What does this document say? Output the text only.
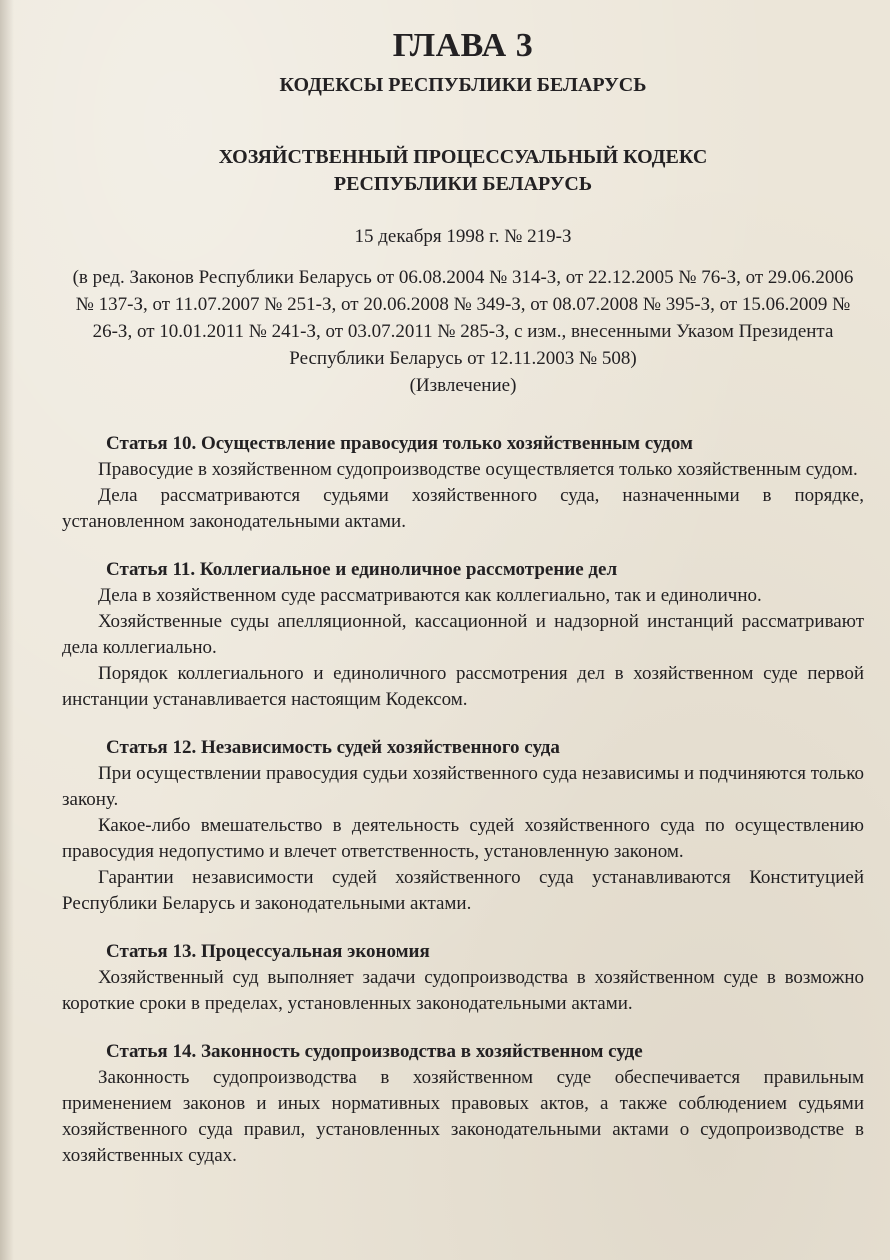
ГЛАВА 3
КОДЕКСЫ РЕСПУБЛИКИ БЕЛАРУСЬ
ХОЗЯЙСТВЕННЫЙ ПРОЦЕССУАЛЬНЫЙ КОДЕКС
РЕСПУБЛИКИ БЕЛАРУСЬ
15 декабря 1998 г. № 219-З
(в ред. Законов Республики Беларусь от 06.08.2004 № 314-З, от 22.12.2005 № 76-З, от 29.06.2006 № 137-З, от 11.07.2007 № 251-З, от 20.06.2008 № 349-З, от 08.07.2008 № 395-З, от 15.06.2009 № 26-З, от 10.01.2011 № 241-З, от 03.07.2011 № 285-З, с изм., внесенными Указом Президента Республики Беларусь от 12.11.2003 № 508)
(Извлечение)
Статья 10. Осуществление правосудия только хозяйственным судом

Правосудие в хозяйственном судопроизводстве осуществляется только хозяйственным судом.

Дела рассматриваются судьями хозяйственного суда, назначенными в порядке, установленном законодательными актами.

Статья 11. Коллегиальное и единоличное рассмотрение дел

Дела в хозяйственном суде рассматриваются как коллегиально, так и единолично.

Хозяйственные суды апелляционной, кассационной и надзорной инстанций рассматривают дела коллегиально.

Порядок коллегиального и единоличного рассмотрения дел в хозяйственном суде первой инстанции устанавливается настоящим Кодексом.

Статья 12. Независимость судей хозяйственного суда

При осуществлении правосудия судьи хозяйственного суда независимы и подчиняются только закону.

Какое-либо вмешательство в деятельность судей хозяйственного суда по осуществлению правосудия недопустимо и влечет ответственность, установленную законом.

Гарантии независимости судей хозяйственного суда устанавливаются Конституцией Республики Беларусь и законодательными актами.

Статья 13. Процессуальная экономия

Хозяйственный суд выполняет задачи судопроизводства в хозяйственном суде в возможно короткие сроки в пределах, установленных законодательными актами.

Статья 14. Законность судопроизводства в хозяйственном суде

Законность судопроизводства в хозяйственном суде обеспечивается правильным применением законов и иных нормативных правовых актов, а также соблюдением судьями хозяйственного суда правил, установленных законодательными актами о судопроизводстве в хозяйственных судах.
